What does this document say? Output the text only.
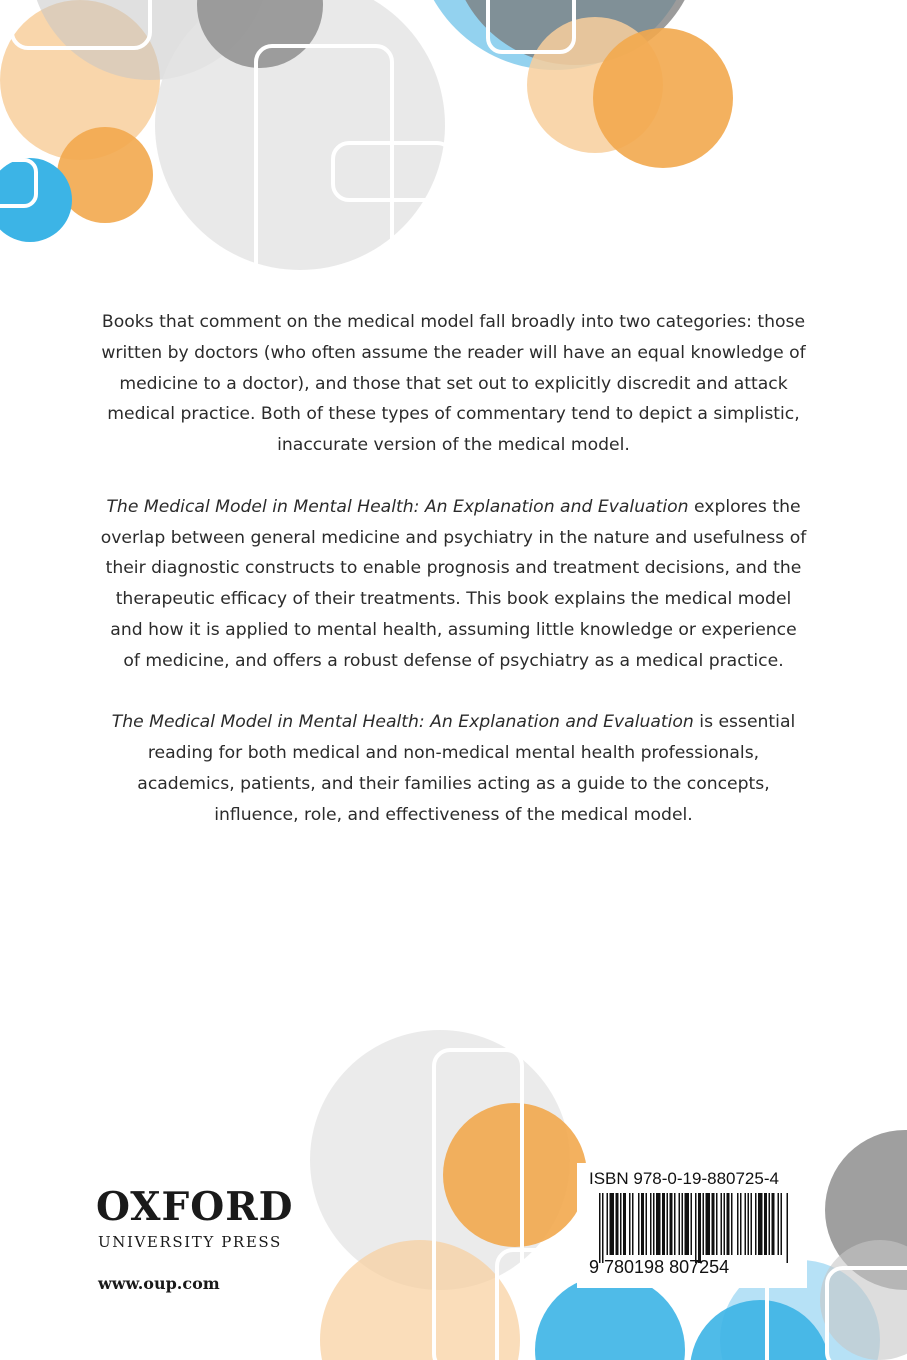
Books that comment on the medical model fall broadly into two categories: those written by doctors (who often assume the reader will have an equal knowledge of medicine to a doctor), and those that set out to explicitly discredit and attack medical practice. Both of these types of commentary tend to depict a simplistic, inaccurate version of the medical model.

The Medical Model in Mental Health: An Explanation and Evaluation explores the overlap between general medicine and psychiatry in the nature and usefulness of their diagnostic constructs to enable prognosis and treatment decisions, and the therapeutic efficacy of their treatments. This book explains the medical model and how it is applied to mental health, assuming little knowledge or experience of medicine, and offers a robust defense of psychiatry as a medical practice.

The Medical Model in Mental Health: An Explanation and Evaluation is essential reading for both medical and non-medical mental health professionals, academics, patients, and their families acting as a guide to the concepts, influence, role, and effectiveness of the medical model.

OXFORD
UNIVERSITY PRESS
www.oup.com
ISBN 978-0-19-880725-4
9 780198 807254
